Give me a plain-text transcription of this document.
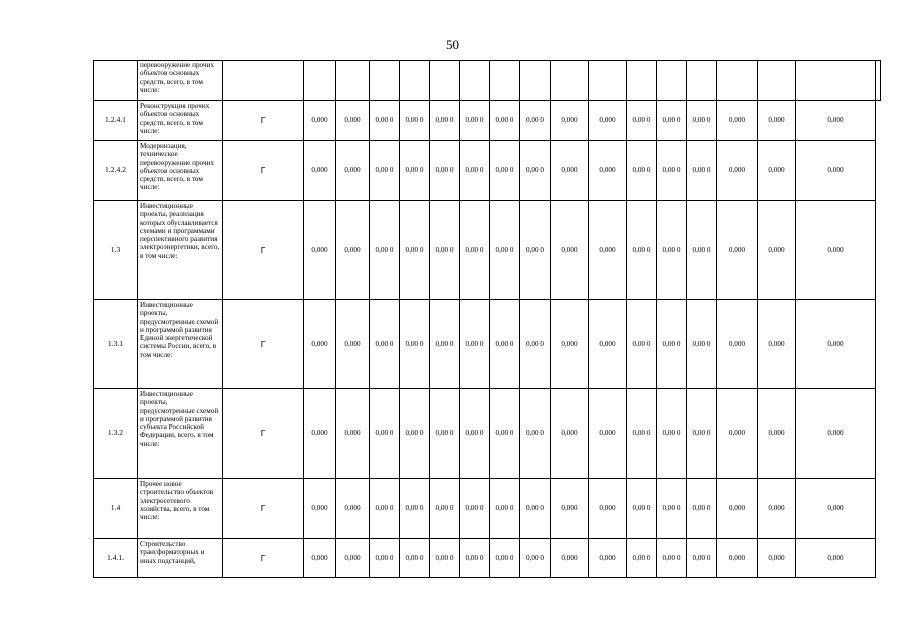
50
	перевооружение прочих объектов основных средств, всего, в том числе:																		
1.2.4.1	Реконструкция прочих объектов основных средств, всего, в том числе:	Г	0,000	0,000	0,00 0	0,00 0	0,00 0	0,00 0	0,00 0	0,00 0	0,000	0,000	0,00 0	0,00 0	0,00 0	0,000	0,000	0,000	
1.2.4.2	Модернизация, техническое перевооружение прочих объектов основных средств, всего, в том числе:	Г	0,000	0,000	0,00 0	0,00 0	0,00 0	0,00 0	0,00 0	0,00 0	0,000	0,000	0,00 0	0,00 0	0,00 0	0,000	0,000	0,000	
1.3	Инвестиционные проекты, реализация которых обуславливается схемами и программами перспективного развития электроэнергетики, всего, в том числе:	Г	0,000	0,000	0,00 0	0,00 0	0,00 0	0,00 0	0,00 0	0,00 0	0,000	0,000	0,00 0	0,00 0	0,00 0	0,000	0,000	0,000	
1.3.1	Инвестиционные проекты, предусмотренные схемой и программой развития Единой энергетической системы России, всего, в том числе:	Г	0,000	0,000	0,00 0	0,00 0	0,00 0	0,00 0	0,00 0	0,00 0	0,000	0,000	0,00 0	0,00 0	0,00 0	0,000	0,000	0,000	
1.3.2	Инвестиционные проекты, предусмотренные схемой и программой развития субъекта Российской Федерации, всего, в том числе:	Г	0,000	0,000	0,00 0	0,00 0	0,00 0	0,00 0	0,00 0	0,00 0	0,000	0,000	0,00 0	0,00 0	0,00 0	0,000	0,000	0,000	
1.4	Прочее новое строительство объектов электросетевого хозяйства, всего, в том числе:	Г	0,000	0,000	0,00 0	0,00 0	0,00 0	0,00 0	0,00 0	0,00 0	0,000	0,000	0,00 0	0,00 0	0,00 0	0,000	0,000	0,000	
1.4.1.	Строительство трансформаторных и иных подстанций,	Г	0,000	0,000	0,00 0	0,00 0	0,00 0	0,00 0	0,00 0	0,00 0	0,000	0,000	0,00 0	0,00 0	0,00 0	0,000	0,000	0,000	
